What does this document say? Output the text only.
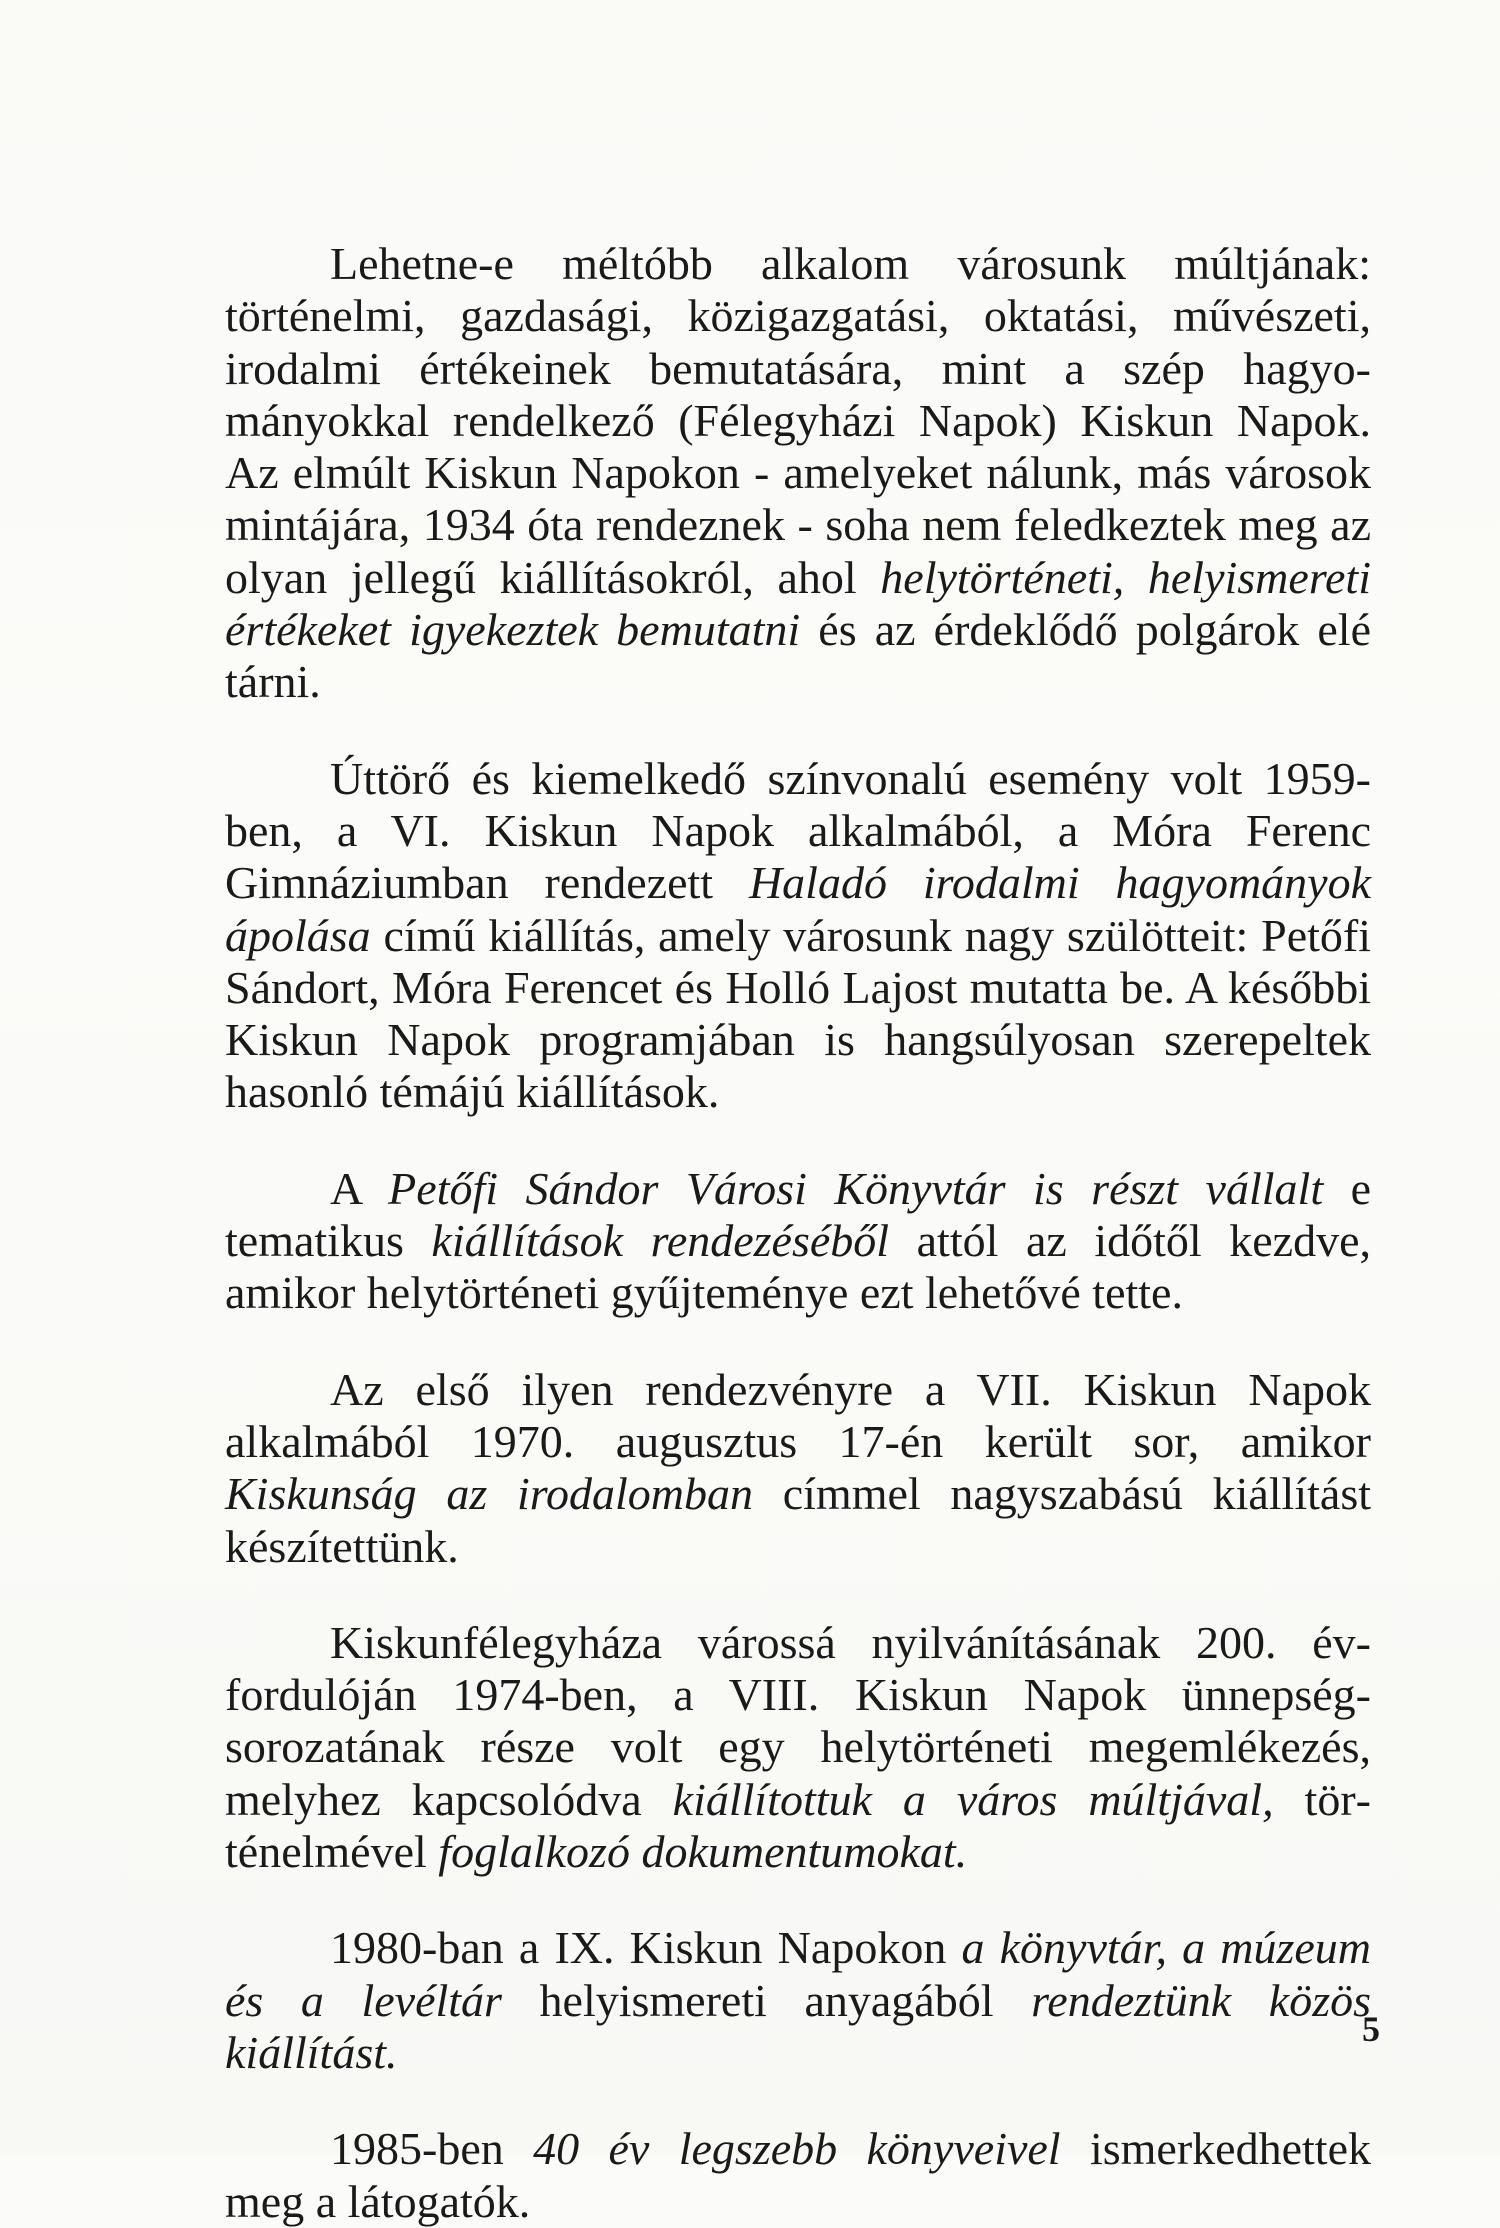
Lehetne-e méltóbb alkalom városunk múltjának: történelmi, gazdasági, közigazgatási, oktatási, művészeti, irodalmi értékeinek bemutatására, mint a szép hagyományokkal rendelkező (Félegyházi Napok) Kiskun Napok. Az elmúlt Kiskun Napokon - amelyeket nálunk, más városok mintájára, 1934 óta rendeznek - soha nem feledkeztek meg az olyan jellegű kiállításokról, ahol helytörténeti, helyismereti értékeket igyekeztek bemutatni és az érdeklődő polgárok elé tárni.

Úttörő és kiemelkedő színvonalú esemény volt 1959-ben, a VI. Kiskun Napok alkalmából, a Móra Ferenc Gimnáziumban rendezett Haladó irodalmi hagyományok ápolása című kiállítás, amely városunk nagy szülötteit: Petőfi Sándort, Móra Ferencet és Holló Lajost mutatta be. A későbbi Kiskun Napok programjában is hangsúlyosan szerepeltek hasonló témájú kiállítások.

A Petőfi Sándor Városi Könyvtár is részt vállalt e tematikus kiállítások rendezéséből attól az időtől kezdve, amikor helytörténeti gyűjteménye ezt lehetővé tette.

Az első ilyen rendezvényre a VII. Kiskun Napok alkalmából 1970. augusztus 17-én került sor, amikor Kiskunság az irodalomban címmel nagyszabású kiállítást készítettünk.

Kiskunfélegyháza várossá nyilvánításának 200. évfordulóján 1974-ben, a VIII. Kiskun Napok ünnepségsorozatának része volt egy helytörténeti megemlékezés, melyhez kapcsolódva kiállítottuk a város múltjával, történelmével foglalkozó dokumentumokat.

1980-ban a IX. Kiskun Napokon a könyvtár, a múzeum és a levéltár helyismereti anyagából rendeztünk közös kiállítást.

1985-ben 40 év legszebb könyveivel ismerkedhettek meg a látogatók.

5
